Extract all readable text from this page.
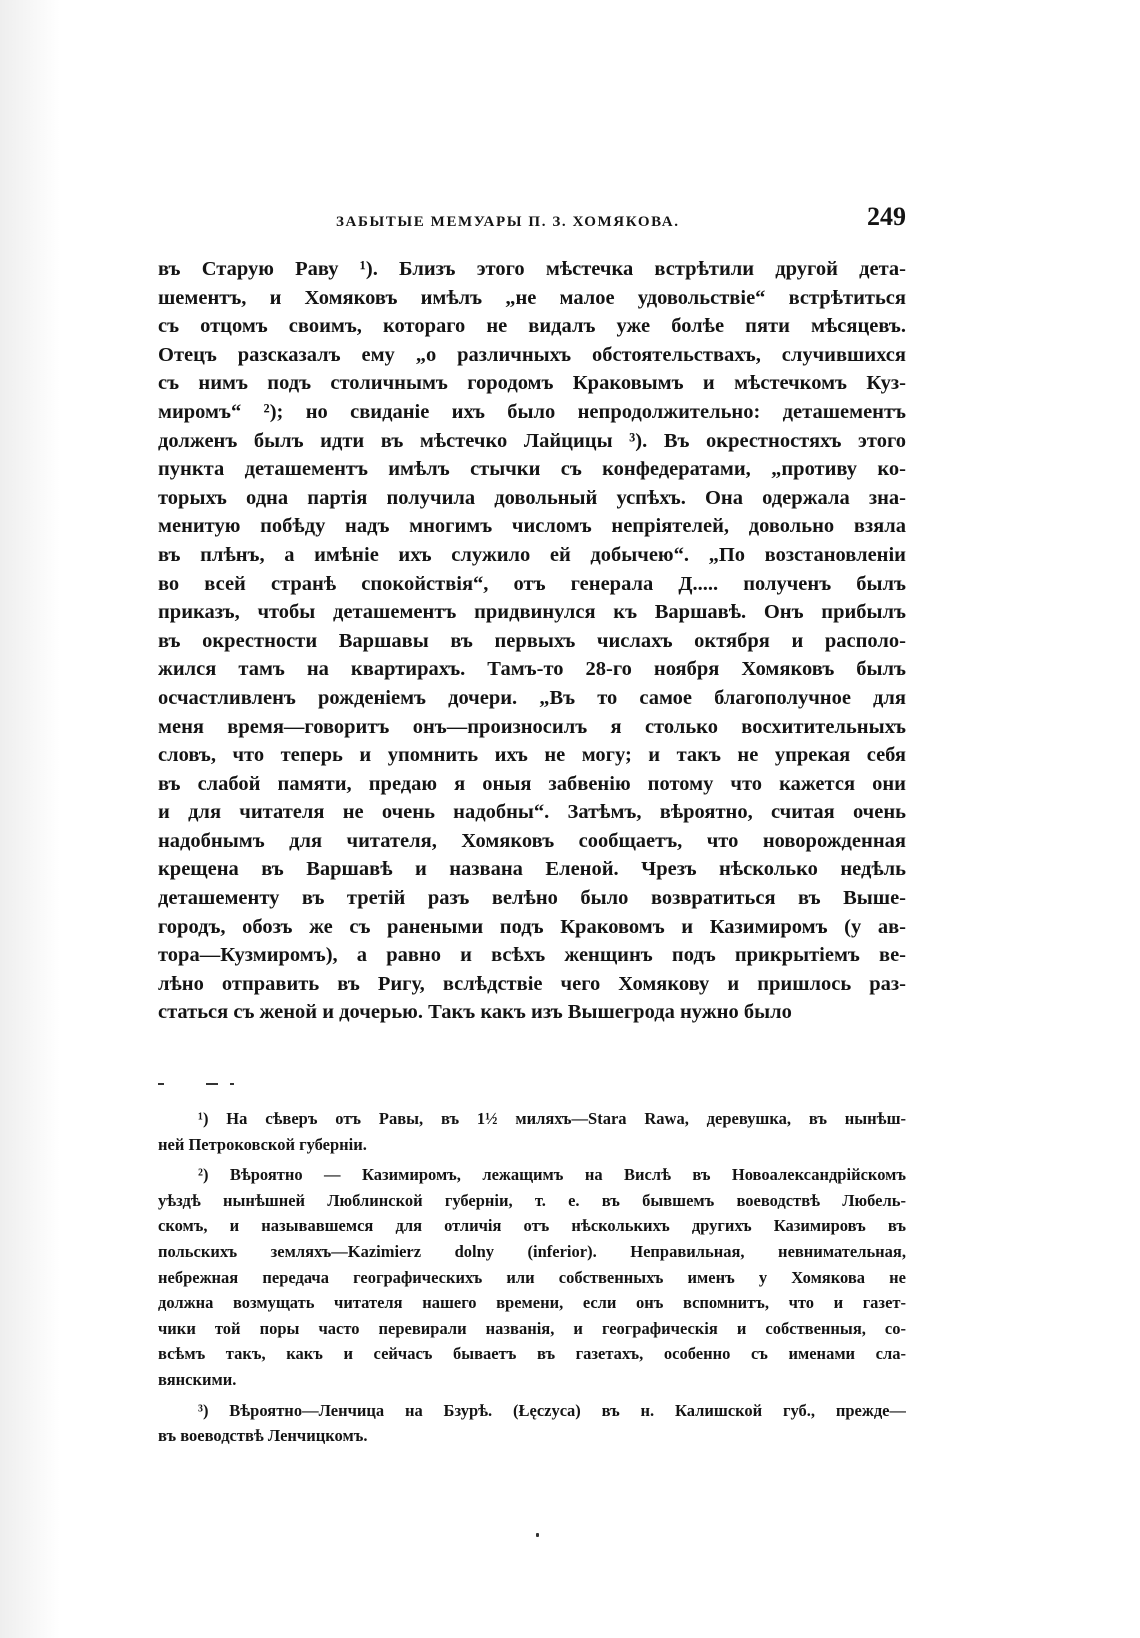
ЗАБЫТЫЕ МЕМУАРЫ П. З. ХОМЯКОВА.	249
въ Старую Раву ¹). Близъ этого мѣстечка встрѣтили другой дета-
шементъ, и Хомяковъ имѣлъ „не малое удовольствіе“ встрѣтиться
съ отцомъ своимъ, котораго не видалъ уже болѣе пяти мѣсяцевъ.
Отецъ разсказалъ ему „о различныхъ обстоятельствахъ, случившихся
съ нимъ подъ столичнымъ городомъ Краковымъ и мѣстечкомъ Куз-
миромъ“ ²); но свиданіе ихъ было непродолжительно: деташементъ
долженъ былъ идти въ мѣстечко Лайцицы ³). Въ окрестностяхъ этого
пункта деташементъ имѣлъ стычки съ конфедератами, „противу ко-
торыхъ одна партія получила довольный успѣхъ. Она одержала зна-
менитую побѣду надъ многимъ числомъ непріятелей, довольно взяла
въ плѣнъ, а имѣніе ихъ служило ей добычею“. „По возстановленіи
во всей странѣ спокойствія“, отъ генерала Д..... полученъ былъ
приказъ, чтобы деташементъ придвинулся къ Варшавѣ. Онъ прибылъ
въ окрестности Варшавы въ первыхъ числахъ октября и располо-
жился тамъ на квартирахъ. Тамъ-то 28-го ноября Хомяковъ былъ
осчастливленъ рожденіемъ дочери. „Въ то самое благополучное для
меня время—говоритъ онъ—произносилъ я столько восхитительныхъ
словъ, что теперь и упомнить ихъ не могу; и такъ не упрекая себя
въ слабой памяти, предаю я оныя забвенію потому что кажется они
и для читателя не очень надобны“. Затѣмъ, вѣроятно, считая очень
надобнымъ для читателя, Хомяковъ сообщаетъ, что новорожденная
крещена въ Варшавѣ и названа Еленой. Чрезъ нѣсколько недѣль
деташементу въ третій разъ велѣно было возвратиться въ Выше-
городъ, обозъ же съ ранеными подъ Краковомъ и Казимиромъ (у ав-
тора—Кузмиромъ), а равно и всѣхъ женщинъ подъ прикрытіемъ ве-
лѣно отправить въ Ригу, вслѣдствіе чего Хомякову и пришлось раз-
статься съ женой и дочерью. Такъ какъ изъ Вышегрода нужно было
¹) На сѣверъ отъ Равы, въ 1½ миляхъ—Stara Rawa, деревушка, въ нынѣш-
ней Петроковской губерніи.
²) Вѣроятно — Казимиромъ, лежащимъ на Вислѣ въ Новоалександрійскомъ
уѣздѣ нынѣшней Люблинской губерніи, т. е. въ бывшемъ воеводствѣ Любель-
скомъ, и называвшемся для отличія отъ нѣсколькихъ другихъ Казимировъ въ
польскихъ земляхъ—Kazimierz dolny (inferior). Неправильная, невнимательная,
небрежная передача географическихъ или собственныхъ именъ у Хомякова не
должна возмущать читателя нашего времени, если онъ вспомнитъ, что и газет-
чики той поры часто перевирали названія, и географическія и собственныя, со-
всѣмъ такъ, какъ и сейчасъ бываетъ въ газетахъ, особенно съ именами сла-
вянскими.
³) Вѣроятно—Ленчица на Бзурѣ. (Łęczyca) въ н. Калишской губ., прежде—
въ воеводствѣ Ленчицкомъ.
